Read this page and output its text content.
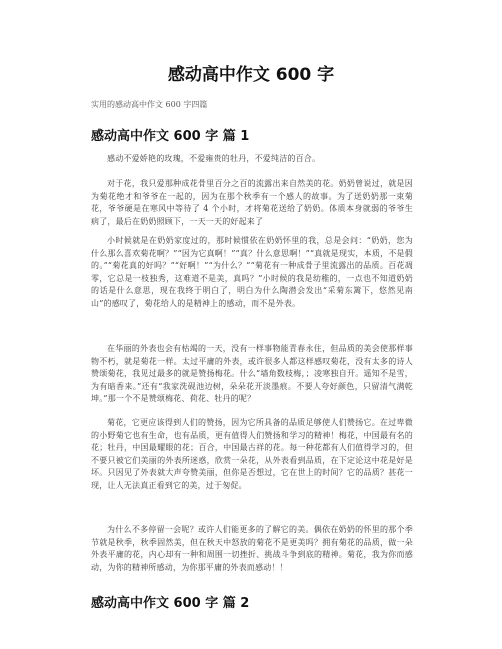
感动高中作文 600 字
实用的感动高中作文 600 字四篇
感动高中作文 600 字 篇 1

感动不爱娇艳的玫瑰，不爱雍贵的牡丹，不爱纯洁的百合。

对于花，我只爱那种成花骨里百分之百的流露出来自然美的花。奶奶曾说过，就是因为菊花绝才和爷爷在一起的，因为在那个秋季有一个感人的故事。为了送奶奶那一束菊花，爷爷硬是在寒风中等待了 4 个小时，才将菊花送给了奶奶。体质本身就弱的爷爷生病了，最后在奶奶照顾下，一天一天的好起来了

小时候就是在奶奶家度过的，那时候惯依在奶奶怀里的我，总是会问：“奶奶，您为什么那么喜欢菊花啊？”“因为它真啊！”“真？什么意思啊！”“真就是现实，本质，不是假的。”“菊花真的好吗？”“好啊！”“为什么？”“菊花有一种成骨子里流露出的品质。百花凋零，它总是一枝独秀，这难道不是美，真吗？”小时候的我是幼稚的，一点也不知道奶奶的话是什么意思，现在我终于明白了，明白为什么陶潜会发出“采菊东篱下，悠然见南山”的感叹了，菊花给人的是精神上的感动，而不是外表。

在华丽的外表也会有枯竭的一天，没有一样事物能青春永住，但品质的美会使那样事物不朽，就是菊花一样。太过平庸的外表，或许很多人都这样感叹菊花，没有太多的诗人赞颂菊花，我见过最多的就是赞扬梅花。什么“墙角数枝梅，；凌寒独自开。遥知不是雪，为有暗香来。”还有“我家洗砚池边树，朵朵花开淡墨痕。不要人夸好颜色，只留清气满乾坤。”那一个不是赞颂梅花、荷花、牡丹的呢？

菊花，它更应该得到人们的赞扬，因为它所具备的品质足够使人们赞扬它。在过卑微的小野菊它也有生命，也有品质，更有值得人们赞扬和学习的精神！梅花，中国最有名的花；牡丹，中国最耀眼的花；百合，中国最古祥的花。每一种花都有人们值得学习的，但不要只被它们美丽的外表所迷惑，欣赏一朵花，从外表看到品质，在下定论这中花是好是坏。只因见了外表就大声夸赞美丽，但你是否想过，它在世上的时间？它的品质？甚花一现，让人无法真正看到它的美，过于匆促。

为什么不多停留一会呢？或许人们能更多的了解它的美。偶依在奶奶的怀里的那个季节就是秋季，秋季固然美，但在秋天中怒放的菊花不是更美吗？拥有菊花的品质，做一朵外表平庸的花，内心却有一种和周围一切挫折、挑战斗争到底的精神。菊花，我为你而感动，为你的精神所感动，为你那平庸的外表而感动！！

感动高中作文 600 字 篇 2
